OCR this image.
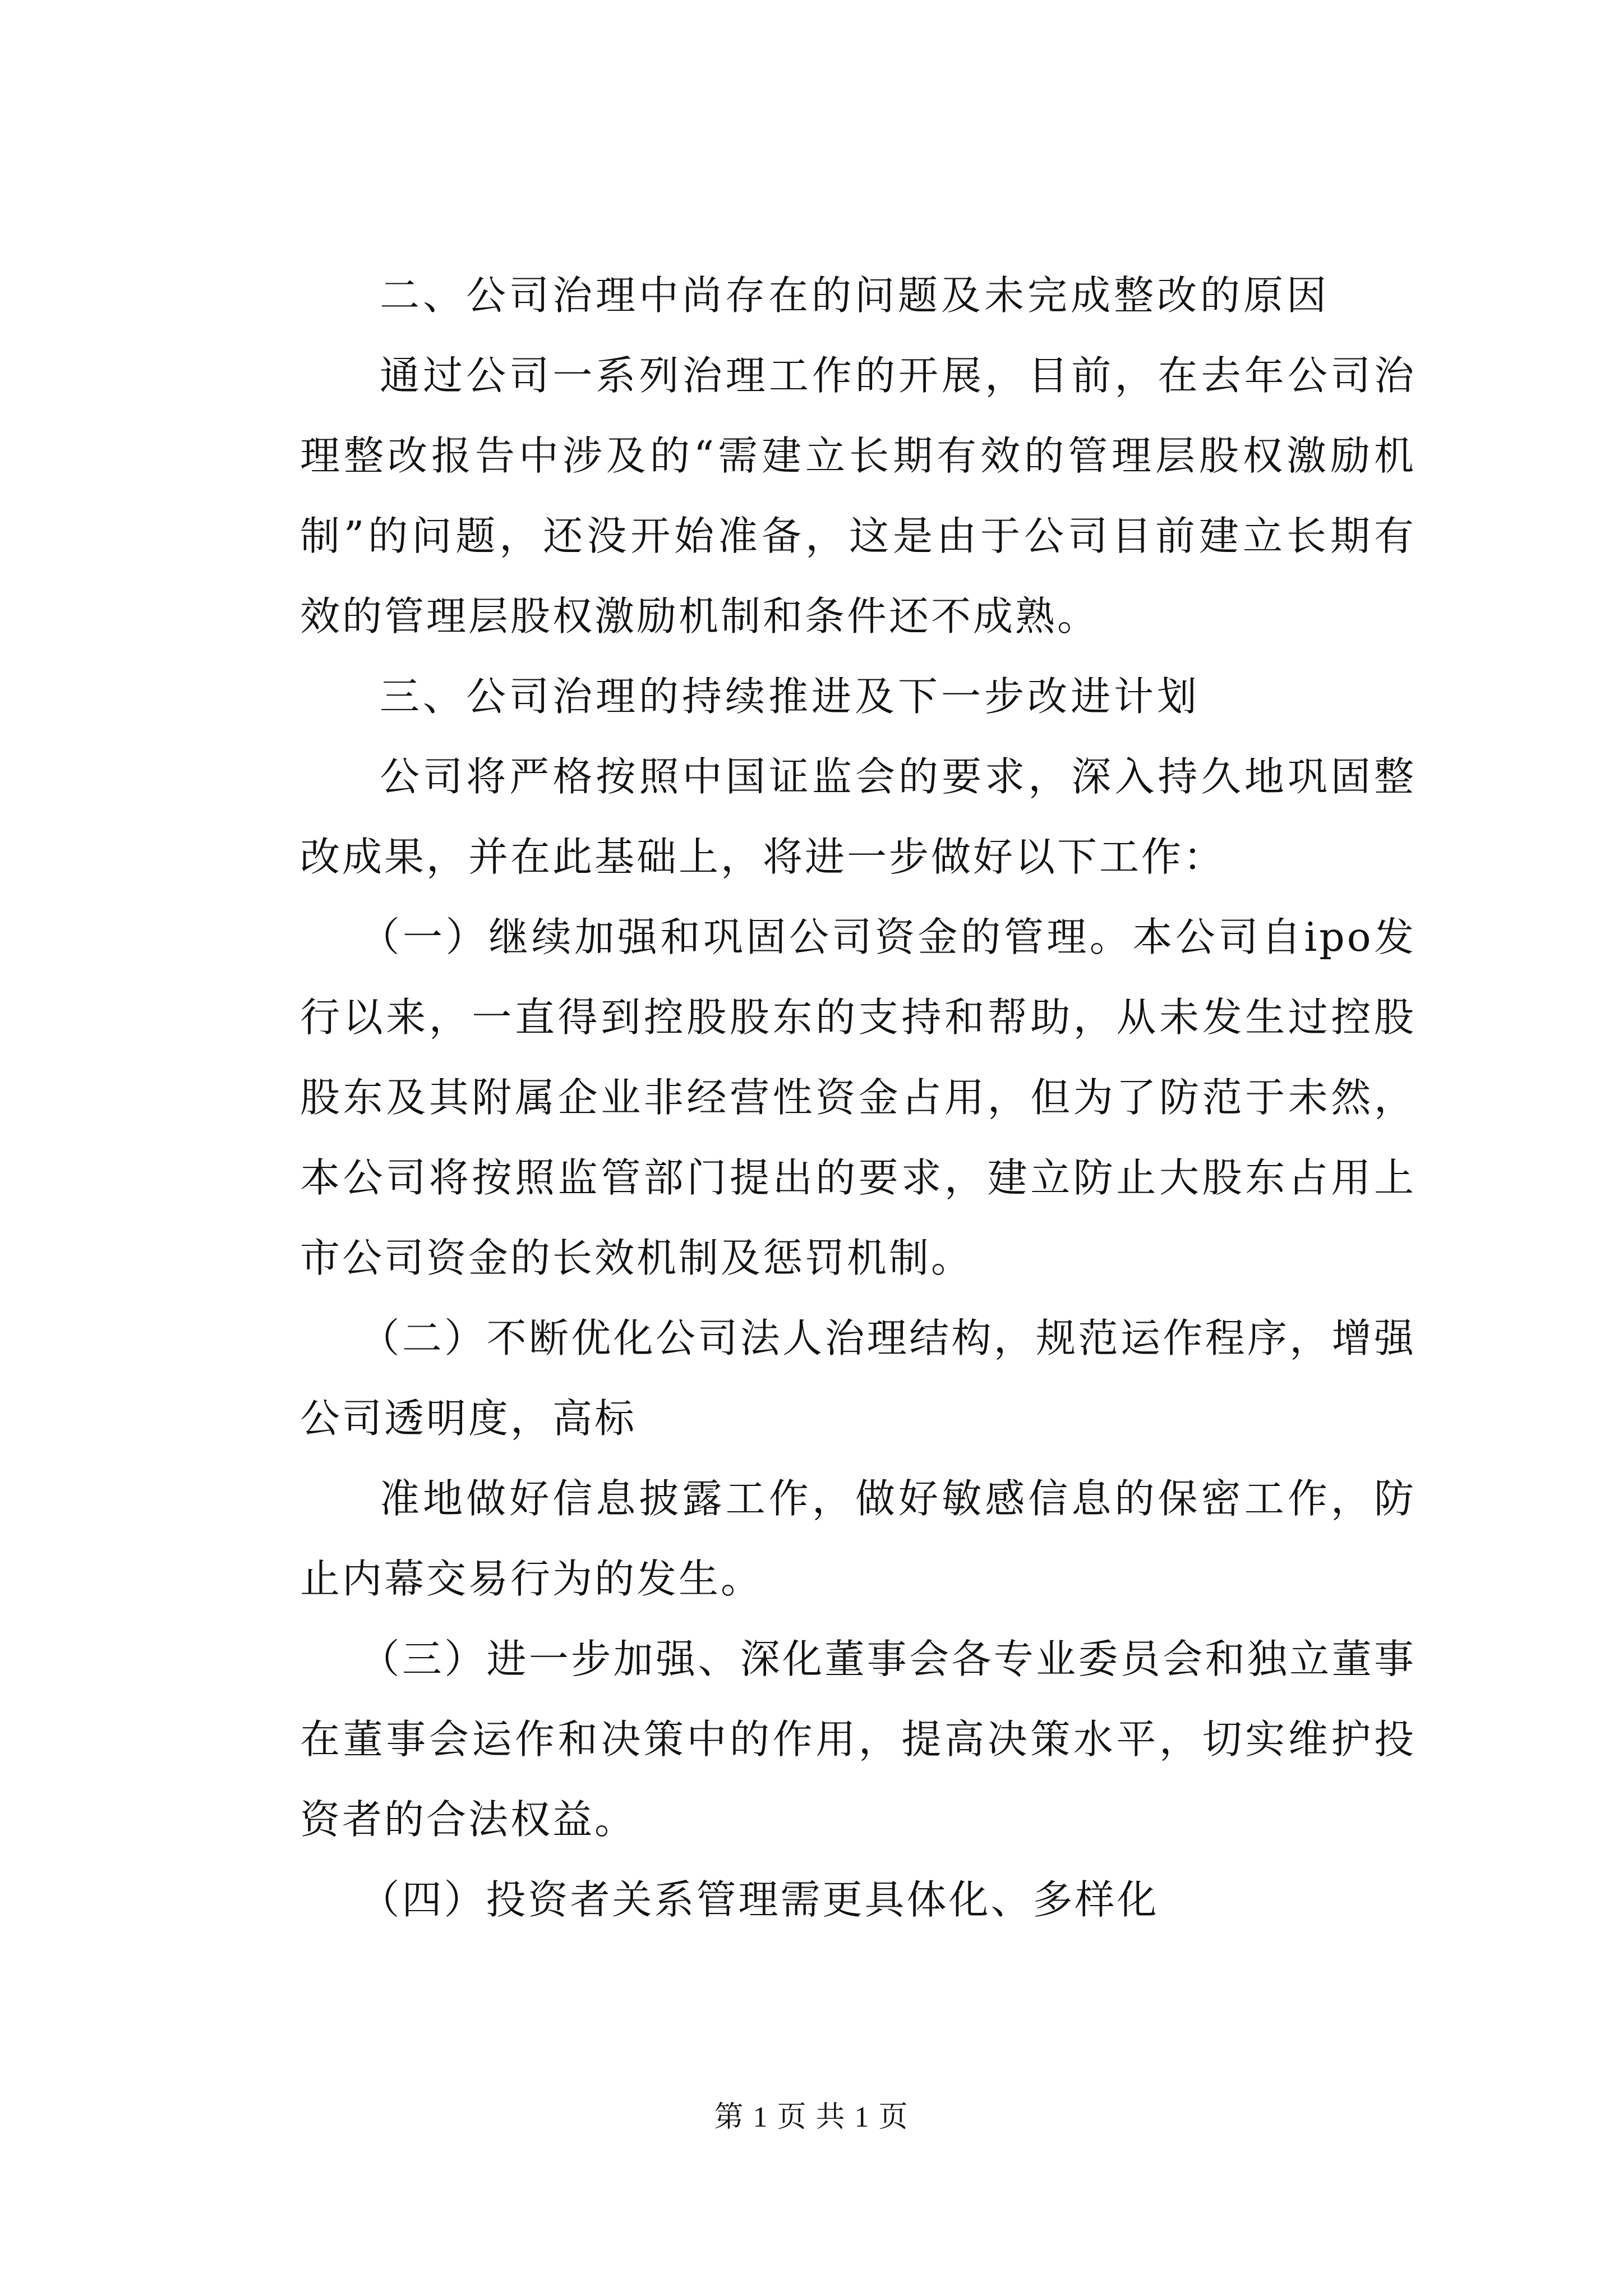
二、公司治理中尚存在的问题及未完成整改的原因

通过公司一系列治理工作的开展，目前，在去年公司治理整改报告中涉及的“需建立长期有效的管理层股权激励机制”的问题，还没开始准备，这是由于公司目前建立长期有效的管理层股权激励机制和条件还不成熟。

三、公司治理的持续推进及下一步改进计划

公司将严格按照中国证监会的要求，深入持久地巩固整改成果，并在此基础上，将进一步做好以下工作：

（一）继续加强和巩固公司资金的管理。本公司自ipo发行以来，一直得到控股股东的支持和帮助，从未发生过控股股东及其附属企业非经营性资金占用，但为了防范于未然，本公司将按照监管部门提出的要求，建立防止大股东占用上市公司资金的长效机制及惩罚机制。

（二）不断优化公司法人治理结构，规范运作程序，增强公司透明度，高标

准地做好信息披露工作，做好敏感信息的保密工作，防止内幕交易行为的发生。

（三）进一步加强、深化董事会各专业委员会和独立董事在董事会运作和决策中的作用，提高决策水平，切实维护投资者的合法权益。

（四）投资者关系管理需更具体化、多样化

第 1 页 共 1 页
